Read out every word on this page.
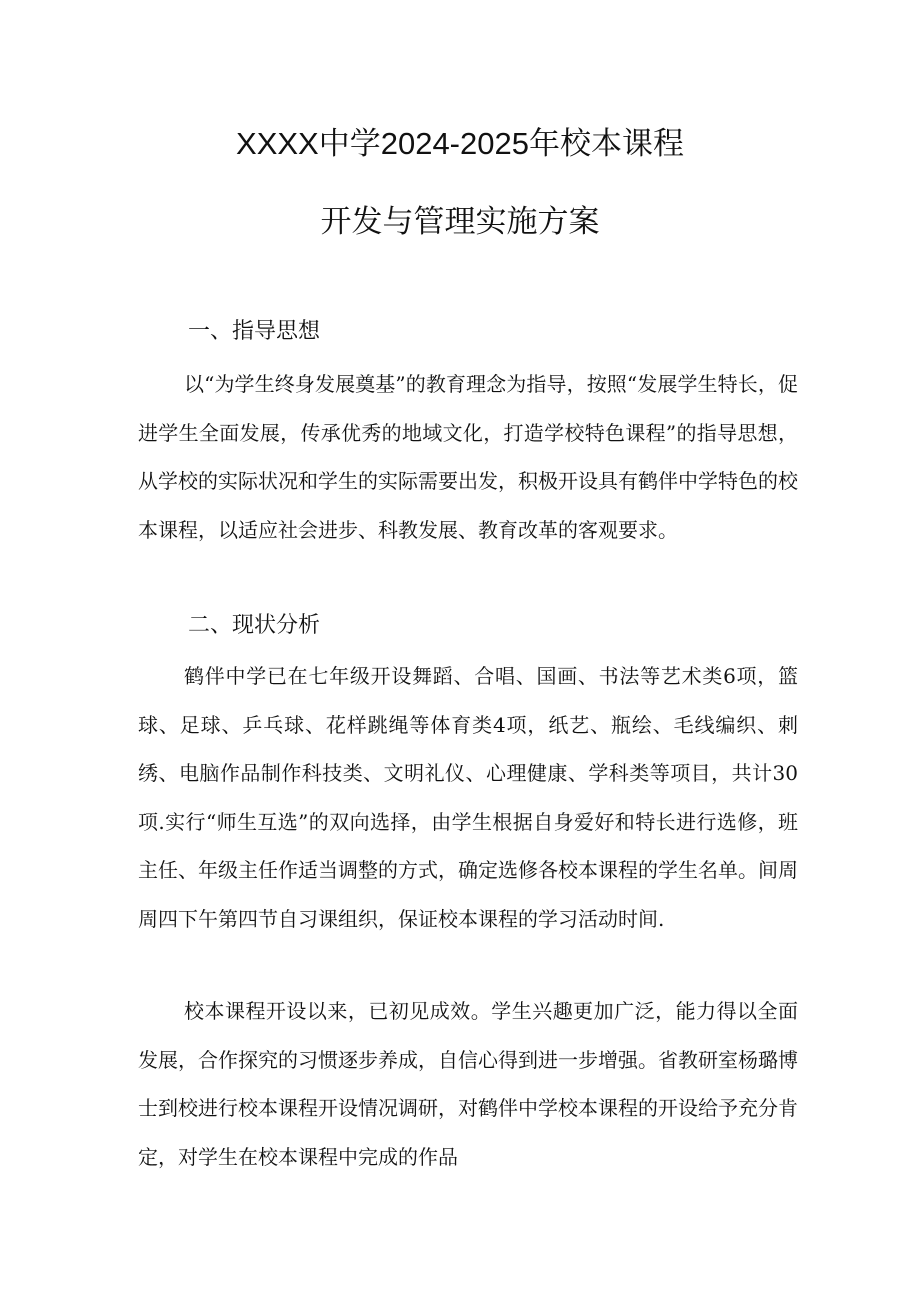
XXXX中学2024-2025年校本课程
开发与管理实施方案
一、指导思想

以“为学生终身发展奠基”的教育理念为指导，按照“发展学生特长，促进学生全面发展，传承优秀的地域文化，打造学校特色课程”的指导思想，从学校的实际状况和学生的实际需要出发，积极开设具有鹤伴中学特色的校本课程，以适应社会进步、科教发展、教育改革的客观要求。

二、现状分析

鹤伴中学已在七年级开设舞蹈、合唱、国画、书法等艺术类6项，篮球、足球、乒乓球、花样跳绳等体育类4项，纸艺、瓶绘、毛线编织、刺绣、电脑作品制作科技类、文明礼仪、心理健康、学科类等项目，共计30项.实行“师生互选”的双向选择，由学生根据自身爱好和特长进行选修，班主任、年级主任作适当调整的方式，确定选修各校本课程的学生名单。间周周四下午第四节自习课组织，保证校本课程的学习活动时间.

校本课程开设以来，已初见成效。学生兴趣更加广泛，能力得以全面发展，合作探究的习惯逐步养成，自信心得到进一步增强。省教研室杨璐博士到校进行校本课程开设情况调研，对鹤伴中学校本课程的开设给予充分肯定，对学生在校本课程中完成的作品
